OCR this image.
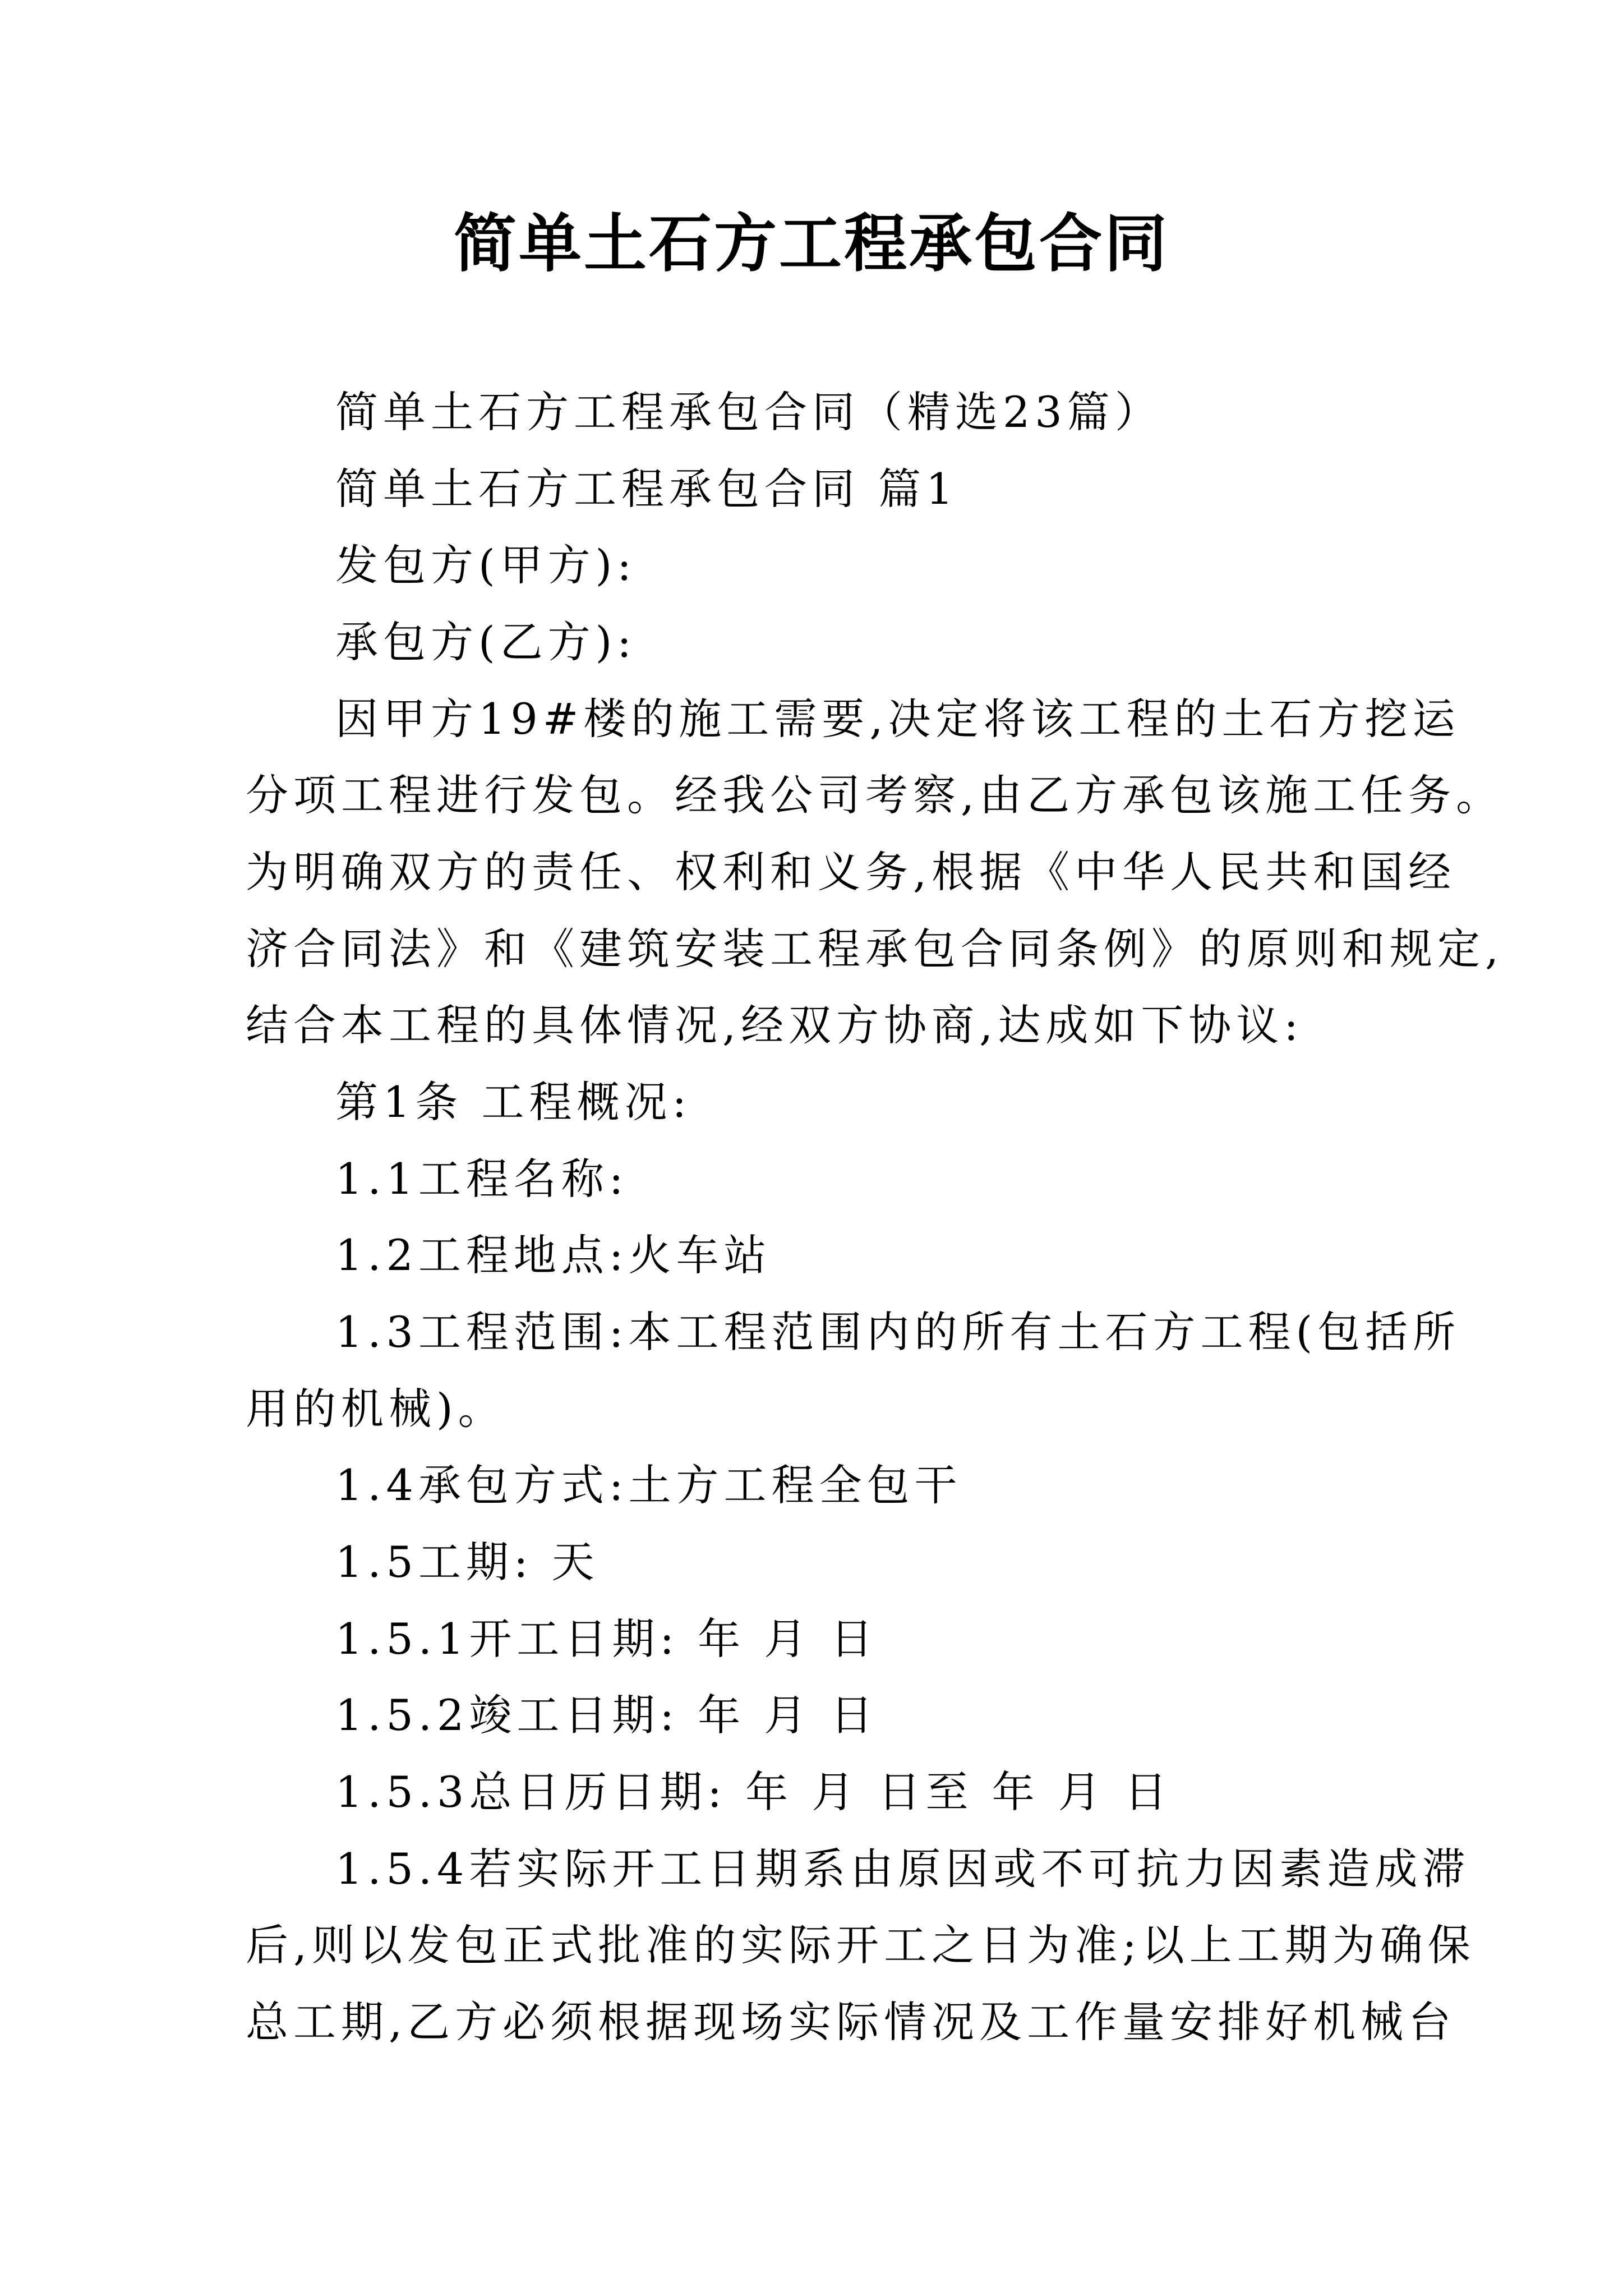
简单土石方工程承包合同
简单土石方工程承包合同（精选23篇）
简单土石方工程承包合同 篇1
发包方(甲方):
承包方(乙方):
因甲方19#楼的施工需要,决定将该工程的土石方挖运
分项工程进行发包。经我公司考察,由乙方承包该施工任务。
为明确双方的责任、权利和义务,根据《中华人民共和国经
济合同法》和《建筑安装工程承包合同条例》的原则和规定,
结合本工程的具体情况,经双方协商,达成如下协议:
第1条 工程概况:
1.1工程名称:
1.2工程地点:火车站
1.3工程范围:本工程范围内的所有土石方工程(包括所
用的机械)。
1.4承包方式:土方工程全包干
1.5工期: 天
1.5.1开工日期: 年 月 日
1.5.2竣工日期: 年 月 日
1.5.3总日历日期: 年 月 日至 年 月 日
1.5.4若实际开工日期系由原因或不可抗力因素造成滞
后,则以发包正式批准的实际开工之日为准;以上工期为确保
总工期,乙方必须根据现场实际情况及工作量安排好机械台
